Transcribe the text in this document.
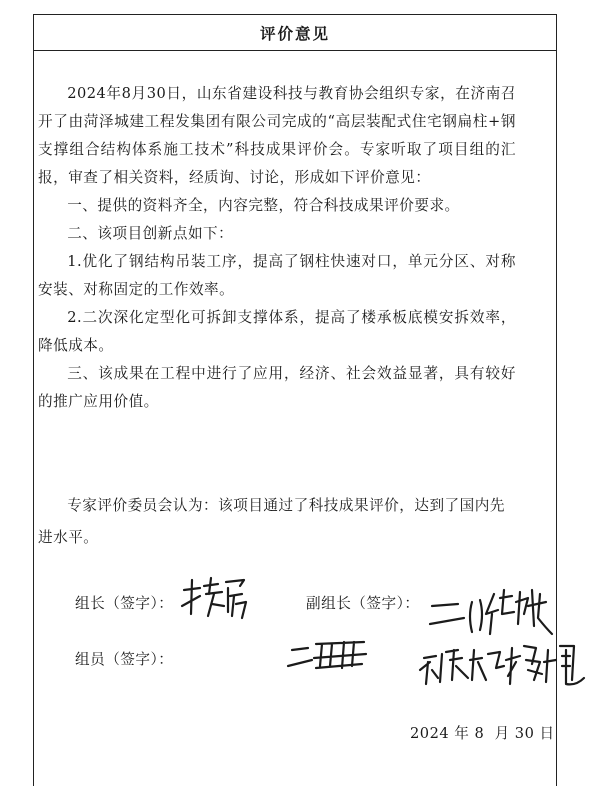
评价意见

2024年8月30日，山东省建设科技与教育协会组织专家，在济南召开了由菏泽城建工程发集团有限公司完成的“高层装配式住宅钢扁柱+钢支撑组合结构体系施工技术”科技成果评价会。专家听取了项目组的汇报，审查了相关资料，经质询、讨论，形成如下评价意见：

一、提供的资料齐全，内容完整，符合科技成果评价要求。

二、该项目创新点如下：

1.优化了钢结构吊装工序，提高了钢柱快速对口，单元分区、对称安装、对称固定的工作效率。

2.二次深化定型化可拆卸支撑体系，提高了楼承板底模安拆效率，降低成本。

三、该成果在工程中进行了应用，经济、社会效益显著，具有较好的推广应用价值。

专家评价委员会认为：该项目通过了科技成果评价，达到了国内先进水平。

组长（签字）：	副组长（签字）：
组员（签字）：
2024 年 8  月 30 日
